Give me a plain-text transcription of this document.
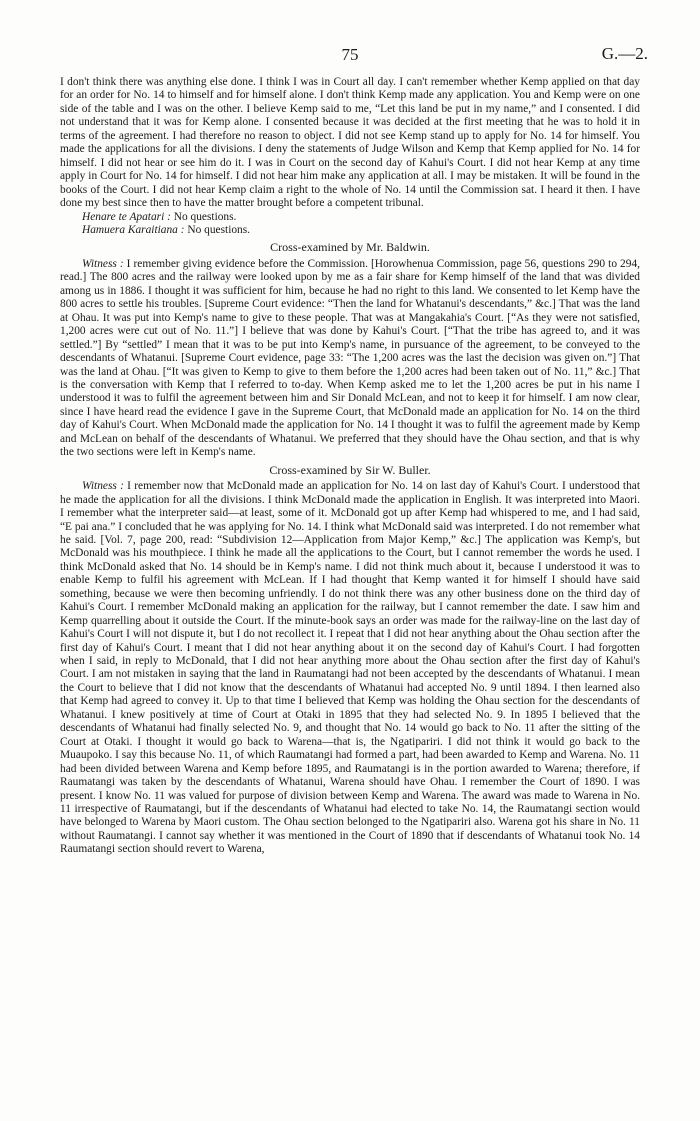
75	G.—2.

I don't think there was anything else done. I think I was in Court all day. I can't remember whether Kemp applied on that day for an order for No. 14 to himself and for himself alone. I don't think Kemp made any application. You and Kemp were on one side of the table and I was on the other. I believe Kemp said to me, “Let this land be put in my name,” and I consented. I did not understand that it was for Kemp alone. I consented because it was decided at the first meeting that he was to hold it in terms of the agreement. I had therefore no reason to object. I did not see Kemp stand up to apply for No. 14 for himself. You made the applications for all the divisions. I deny the statements of Judge Wilson and Kemp that Kemp applied for No. 14 for himself. I did not hear or see him do it. I was in Court on the second day of Kahui's Court. I did not hear Kemp at any time apply in Court for No. 14 for himself. I did not hear him make any application at all. I may be mistaken. It will be found in the books of the Court. I did not hear Kemp claim a right to the whole of No. 14 until the Commission sat. I heard it then. I have done my best since then to have the matter brought before a competent tribunal.

Henare te Apatari : No questions.

Hamuera Karaitiana : No questions.

Cross-examined by Mr. Baldwin.

Witness : I remember giving evidence before the Commission. [Horowhenua Commission, page 56, questions 290 to 294, read.] The 800 acres and the railway were looked upon by me as a fair share for Kemp himself of the land that was divided among us in 1886. I thought it was sufficient for him, because he had no right to this land. We consented to let Kemp have the 800 acres to settle his troubles. [Supreme Court evidence: “Then the land for Whatanui's descendants,” &c.] That was the land at Ohau. It was put into Kemp's name to give to these people. That was at Mangakahia's Court. [“As they were not satisfied, 1,200 acres were cut out of No. 11.”] I believe that was done by Kahui's Court. [“That the tribe has agreed to, and it was settled.”] By “settled” I mean that it was to be put into Kemp's name, in pursuance of the agreement, to be conveyed to the descendants of Whatanui. [Supreme Court evidence, page 33: “The 1,200 acres was the last the decision was given on.”] That was the land at Ohau. [“It was given to Kemp to give to them before the 1,200 acres had been taken out of No. 11,” &c.] That is the conversation with Kemp that I referred to to-day. When Kemp asked me to let the 1,200 acres be put in his name I understood it was to fulfil the agreement between him and Sir Donald McLean, and not to keep it for himself. I am now clear, since I have heard read the evidence I gave in the Supreme Court, that McDonald made an application for No. 14 on the third day of Kahui's Court. When McDonald made the application for No. 14 I thought it was to fulfil the agreement made by Kemp and McLean on behalf of the descendants of Whatanui. We preferred that they should have the Ohau section, and that is why the two sections were left in Kemp's name.

Cross-examined by Sir W. Buller.

Witness : I remember now that McDonald made an application for No. 14 on last day of Kahui's Court. I understood that he made the application for all the divisions. I think McDonald made the application in English. It was interpreted into Maori. I remember what the interpreter said—at least, some of it. McDonald got up after Kemp had whispered to me, and I had said, “E pai ana.” I concluded that he was applying for No. 14. I think what McDonald said was interpreted. I do not remember what he said. [Vol. 7, page 200, read: “Subdivision 12—Application from Major Kemp,” &c.] The application was Kemp's, but McDonald was his mouthpiece. I think he made all the applications to the Court, but I cannot remember the words he used. I think McDonald asked that No. 14 should be in Kemp's name. I did not think much about it, because I understood it was to enable Kemp to fulfil his agreement with McLean. If I had thought that Kemp wanted it for himself I should have said something, because we were then becoming unfriendly. I do not think there was any other business done on the third day of Kahui's Court. I remember McDonald making an application for the railway, but I cannot remember the date. I saw him and Kemp quarrelling about it outside the Court. If the minute-book says an order was made for the railway-line on the last day of Kahui's Court I will not dispute it, but I do not recollect it. I repeat that I did not hear anything about the Ohau section after the first day of Kahui's Court. I meant that I did not hear anything about it on the second day of Kahui's Court. I had forgotten when I said, in reply to McDonald, that I did not hear anything more about the Ohau section after the first day of Kahui's Court. I am not mistaken in saying that the land in Raumatangi had not been accepted by the descendants of Whatanui. I mean the Court to believe that I did not know that the descendants of Whatanui had accepted No. 9 until 1894. I then learned also that Kemp had agreed to convey it. Up to that time I believed that Kemp was holding the Ohau section for the descendants of Whatanui. I knew positively at time of Court at Otaki in 1895 that they had selected No. 9. In 1895 I believed that the descendants of Whatanui had finally selected No. 9, and thought that No. 14 would go back to No. 11 after the sitting of the Court at Otaki. I thought it would go back to Warena—that is, the Ngatipariri. I did not think it would go back to the Muaupoko. I say this because No. 11, of which Raumatangi had formed a part, had been awarded to Kemp and Warena. No. 11 had been divided between Warena and Kemp before 1895, and Raumatangi is in the portion awarded to Warena; therefore, if Raumatangi was taken by the descendants of Whatanui, Warena should have Ohau. I remember the Court of 1890. I was present. I know No. 11 was valued for purpose of division between Kemp and Warena. The award was made to Warena in No. 11 irrespective of Raumatangi, but if the descendants of Whatanui had elected to take No. 14, the Raumatangi section would have belonged to Warena by Maori custom. The Ohau section belonged to the Ngatipariri also. Warena got his share in No. 11 without Raumatangi. I cannot say whether it was mentioned in the Court of 1890 that if descendants of Whatanui took No. 14 Raumatangi section should revert to Warena,
